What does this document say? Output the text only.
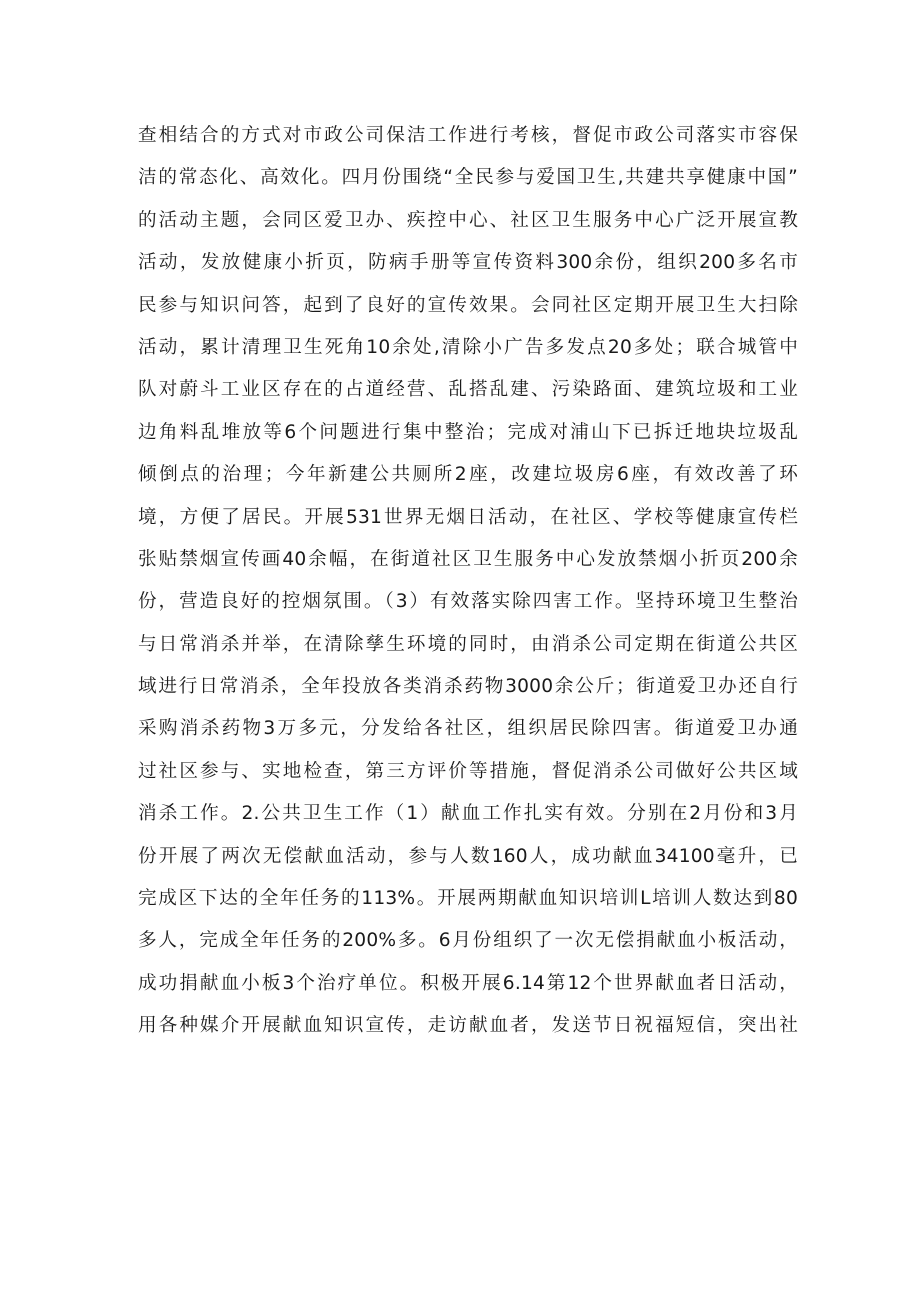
查相结合的方式对市政公司保洁工作进行考核，督促市政公司落实市容保
洁的常态化、高效化。四月份围绕“全民参与爱国卫生,共建共享健康中国”
的活动主题，会同区爱卫办、疾控中心、社区卫生服务中心广泛开展宣教
活动，发放健康小折页，防病手册等宣传资料300余份，组织200多名市
民参与知识问答，起到了良好的宣传效果。会同社区定期开展卫生大扫除
活动，累计清理卫生死角10余处,清除小广告多发点20多处；联合城管中
队对蔚斗工业区存在的占道经营、乱搭乱建、污染路面、建筑垃圾和工业
边角料乱堆放等6个问题进行集中整治；完成对浦山下已拆迁地块垃圾乱
倾倒点的治理；今年新建公共厕所2座，改建垃圾房6座，有效改善了环
境，方便了居民。开展531世界无烟日活动，在社区、学校等健康宣传栏
张贴禁烟宣传画40余幅，在街道社区卫生服务中心发放禁烟小折页200余
份，营造良好的控烟氛围。（3）有效落实除四害工作。坚持环境卫生整治
与日常消杀并举，在清除孳生环境的同时，由消杀公司定期在街道公共区
域进行日常消杀，全年投放各类消杀药物3000余公斤；街道爱卫办还自行
采购消杀药物3万多元，分发给各社区，组织居民除四害。街道爱卫办通
过社区参与、实地检查，第三方评价等措施，督促消杀公司做好公共区域
消杀工作。2.公共卫生工作（1）献血工作扎实有效。分别在2月份和3月
份开展了两次无偿献血活动，参与人数160人，成功献血34100毫升，已
完成区下达的全年任务的113%。开展两期献血知识培训L培训人数达到80
多人，完成全年任务的200%多。6月份组织了一次无偿捐献血小板活动，
成功捐献血小板3个治疗单位。积极开展6.14第12个世界献血者日活动，
用各种媒介开展献血知识宣传，走访献血者，发送节日祝福短信，突出社
